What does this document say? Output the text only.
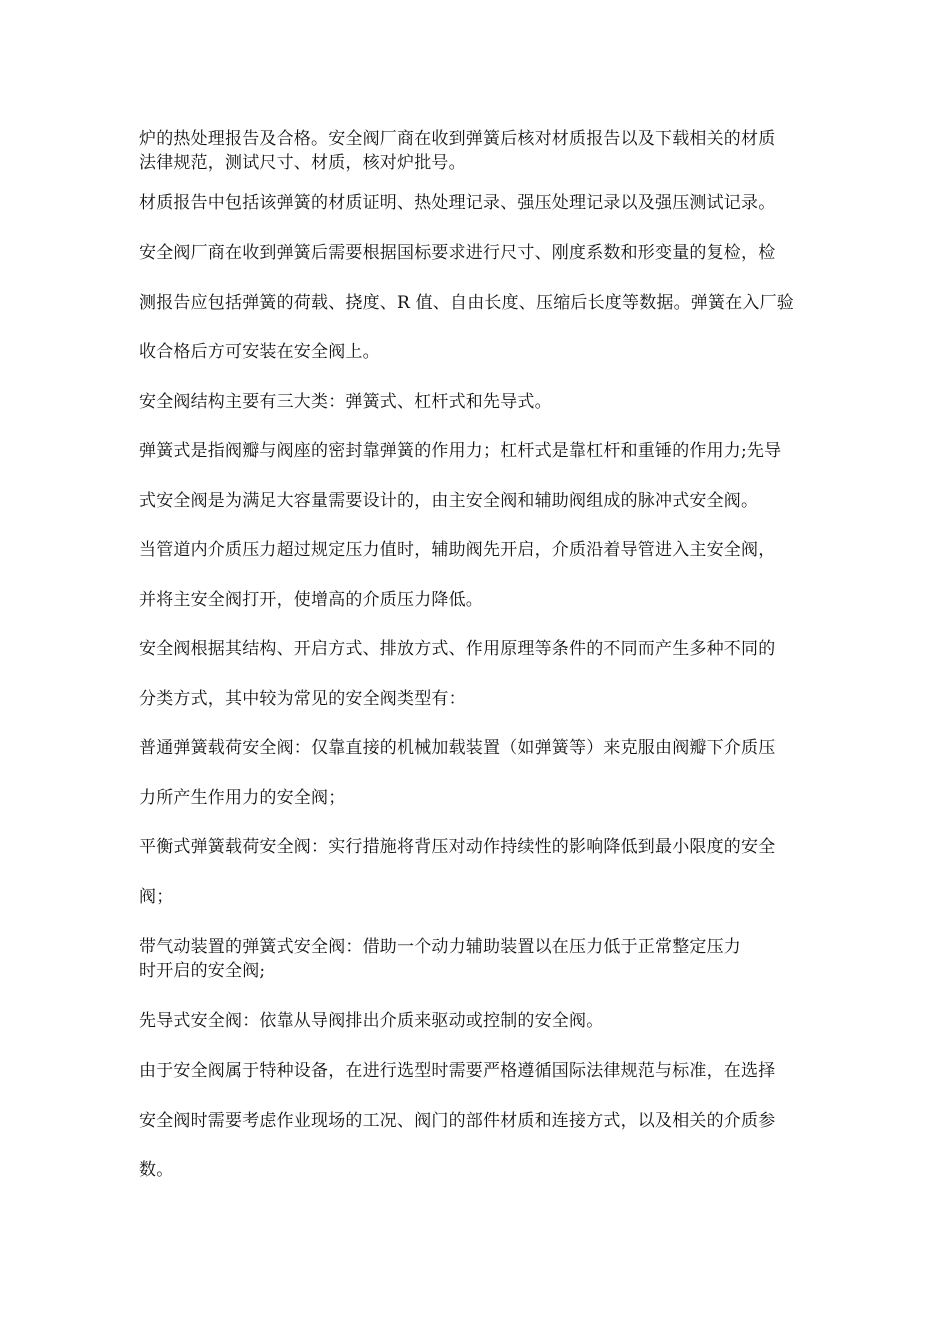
炉的热处理报告及合格。安全阀厂商在收到弹簧后核对材质报告以及下载相关的材质
法律规范，测试尺寸、材质，核对炉批号。
材质报告中包括该弹簧的材质证明、热处理记录、强压处理记录以及强压测试记录。
安全阀厂商在收到弹簧后需要根据国标要求进行尺寸、刚度系数和形变量的复检，检
测报告应包括弹簧的荷载、挠度、R 值、自由长度、压缩后长度等数据。弹簧在入厂验
收合格后方可安装在安全阀上。
安全阀结构主要有三大类：弹簧式、杠杆式和先导式。
弹簧式是指阀瓣与阀座的密封靠弹簧的作用力；杠杆式是靠杠杆和重锤的作用力;先导
式安全阀是为满足大容量需要设计的，由主安全阀和辅助阀组成的脉冲式安全阀。
当管道内介质压力超过规定压力值时，辅助阀先开启，介质沿着导管进入主安全阀，
并将主安全阀打开，使增高的介质压力降低。
安全阀根据其结构、开启方式、排放方式、作用原理等条件的不同而产生多种不同的
分类方式，其中较为常见的安全阀类型有：
普通弹簧载荷安全阀：仅靠直接的机械加载装置（如弹簧等）来克服由阀瓣下介质压
力所产生作用力的安全阀；
平衡式弹簧载荷安全阀：实行措施将背压对动作持续性的影响降低到最小限度的安全
阀；
带气动装置的弹簧式安全阀：借助一个动力辅助装置以在压力低于正常整定压力
时开启的安全阀;
先导式安全阀：依靠从导阀排出介质来驱动或控制的安全阀。
由于安全阀属于特种设备，在进行选型时需要严格遵循国际法律规范与标准，在选择
安全阀时需要考虑作业现场的工况、阀门的部件材质和连接方式，以及相关的介质参
数。
